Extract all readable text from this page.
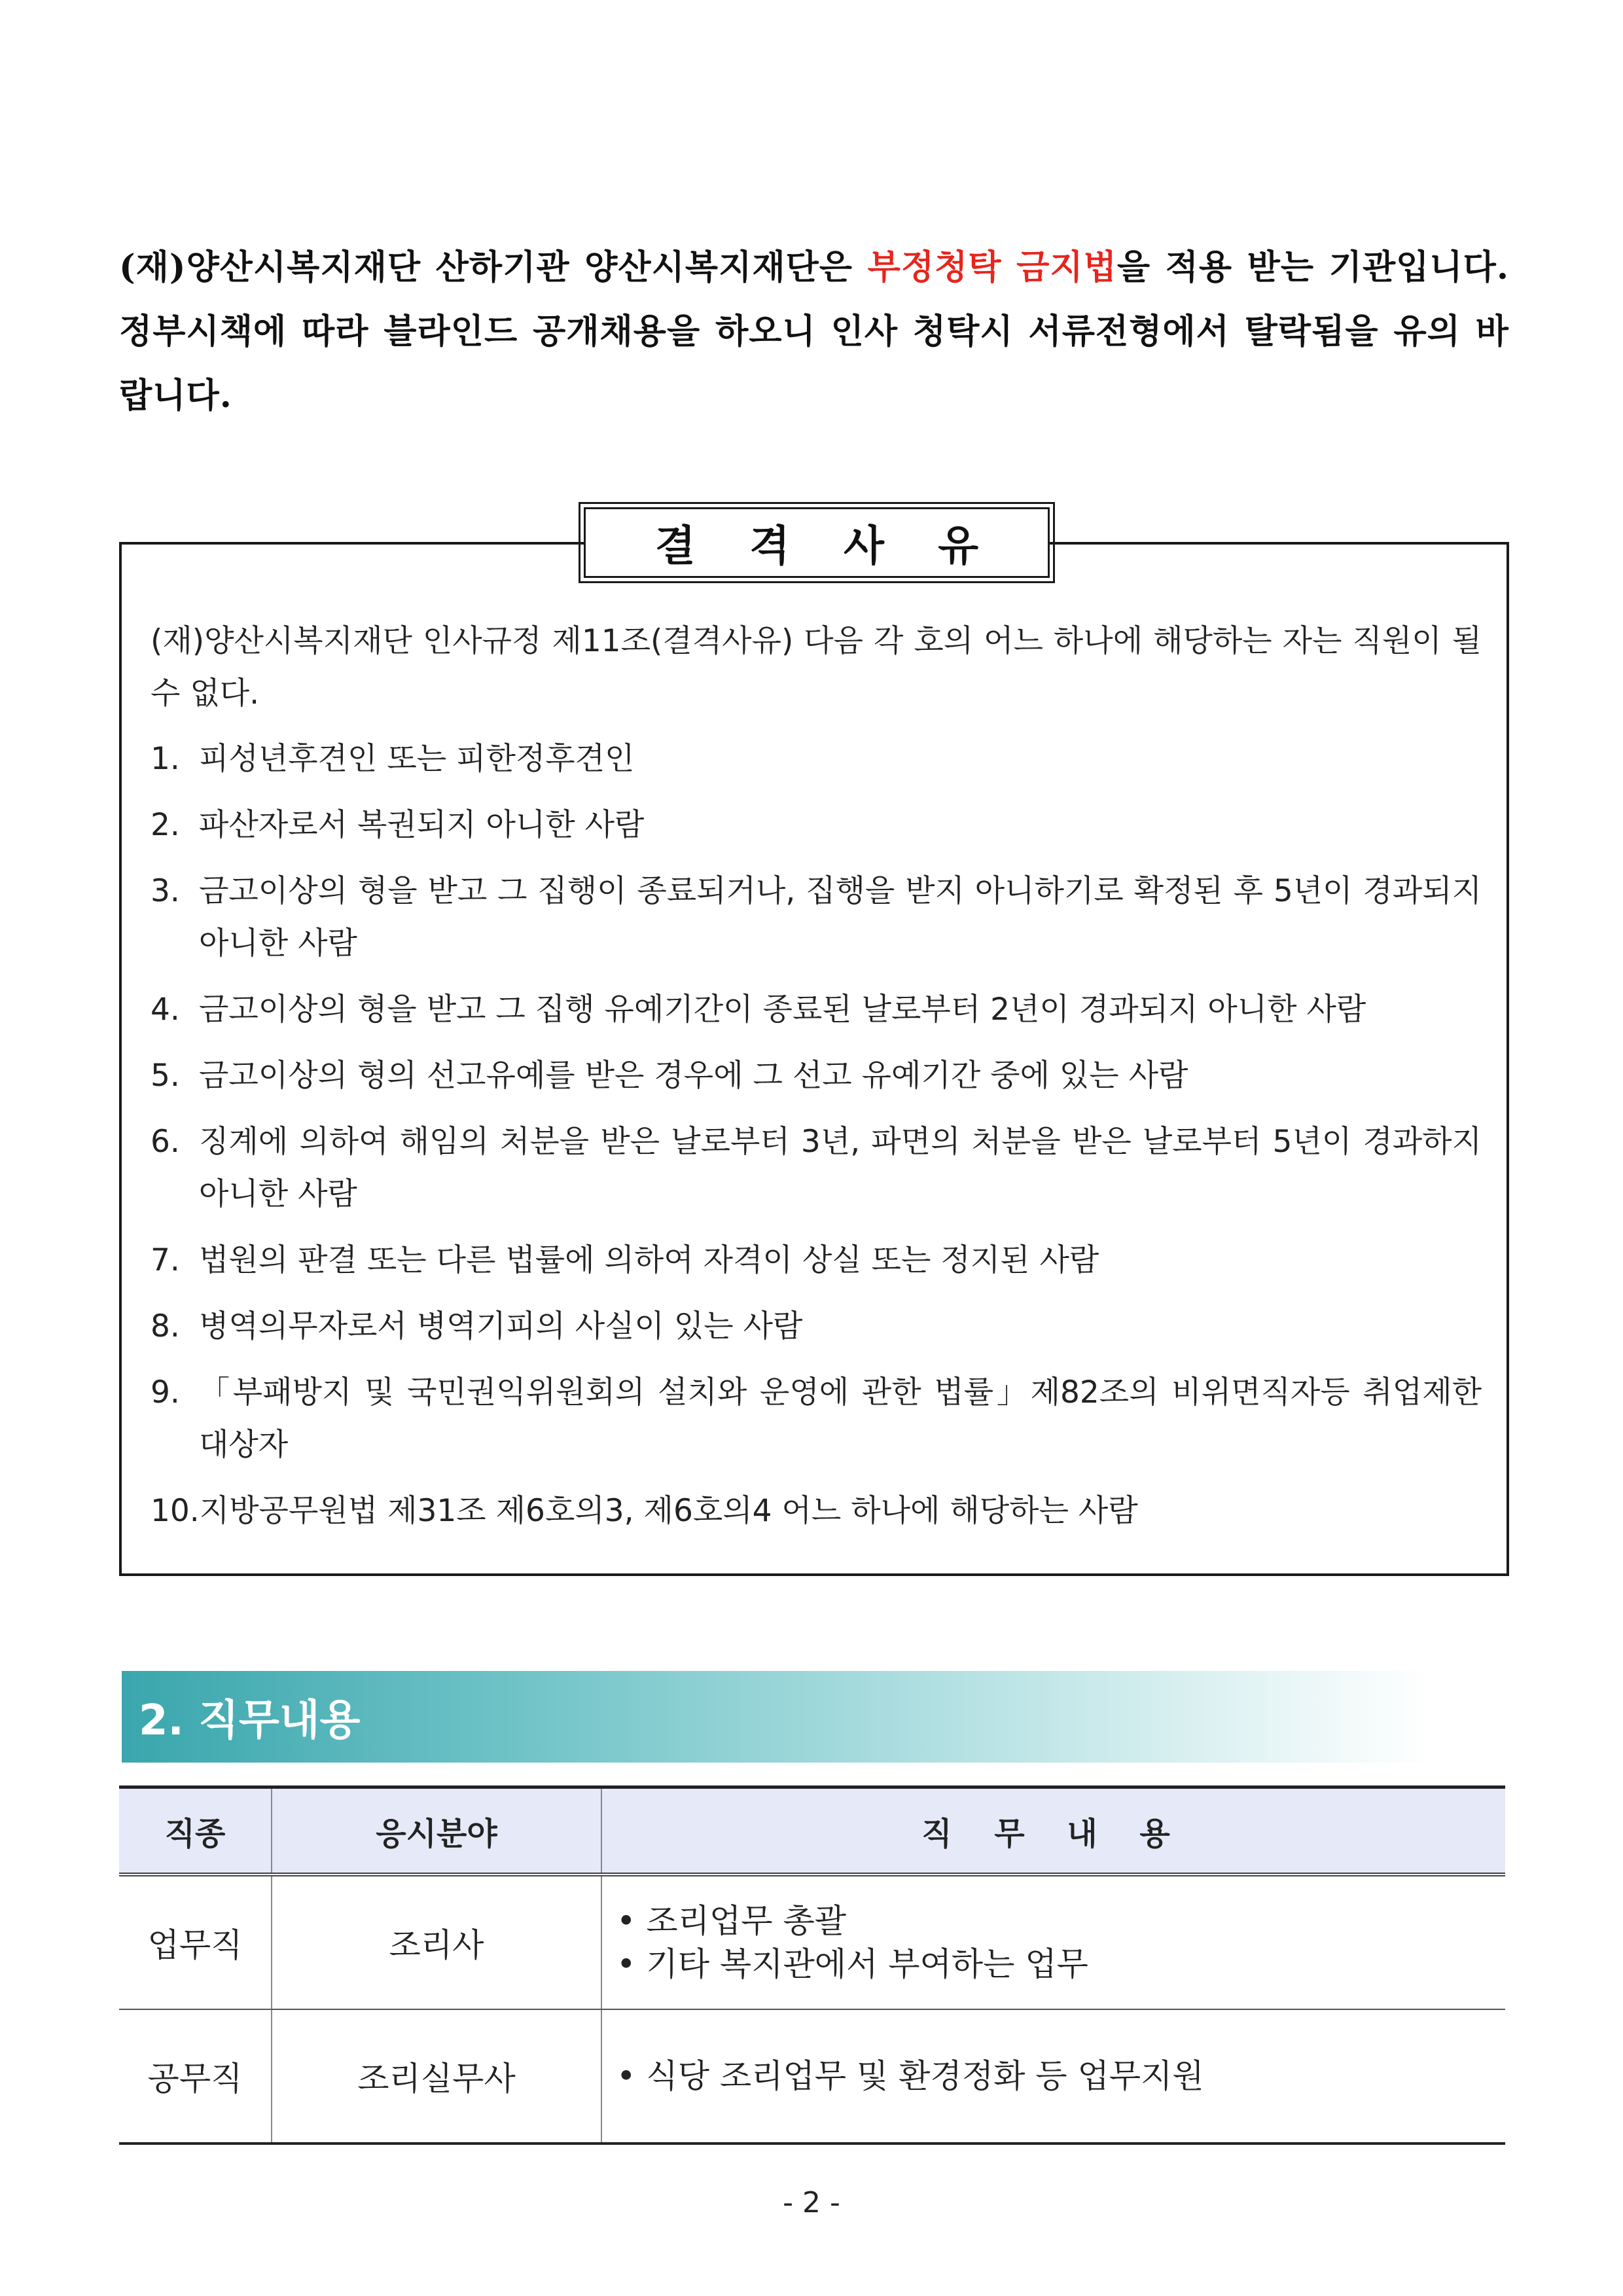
(재)양산시복지재단 산하기관 양산시복지재단은 부정청탁 금지법을 적용 받는 기관입니다. 정부시책에 따라 블라인드 공개채용을 하오니 인사 청탁시 서류전형에서 탈락됨을 유의 바랍니다.
결 격 사 유
(재)양산시복지재단 인사규정 제11조(결격사유) 다음 각 호의 어느 하나에 해당하는 자는 직원이 될 수 없다.
1. 피성년후견인 또는 피한정후견인
2. 파산자로서 복권되지 아니한 사람
3. 금고이상의 형을 받고 그 집행이 종료되거나, 집행을 받지 아니하기로 확정된 후 5년이 경과되지 아니한 사람
4. 금고이상의 형을 받고 그 집행 유예기간이 종료된 날로부터 2년이 경과되지 아니한 사람
5. 금고이상의 형의 선고유예를 받은 경우에 그 선고 유예기간 중에 있는 사람
6. 징계에 의하여 해임의 처분을 받은 날로부터 3년, 파면의 처분을 받은 날로부터 5년이 경과하지 아니한 사람
7. 법원의 판결 또는 다른 법률에 의하여 자격이 상실 또는 정지된 사람
8. 병역의무자로서 병역기피의 사실이 있는 사람
9. 「부패방지 및 국민권익위원회의 설치와 운영에 관한 법률」제82조의 비위면직자등 취업제한 대상자
10. 지방공무원법 제31조 제6호의3, 제6호의4 어느 하나에 해당하는 사람
2. 직무내용
직종	응시분야	직 무 내 용
업무직	조리사	• 조리업무 총괄
• 기타 복지관에서 부여하는 업무

공무직	조리실무사	• 식당 조리업무 및 환경정화 등 업무지원
- 2 -
